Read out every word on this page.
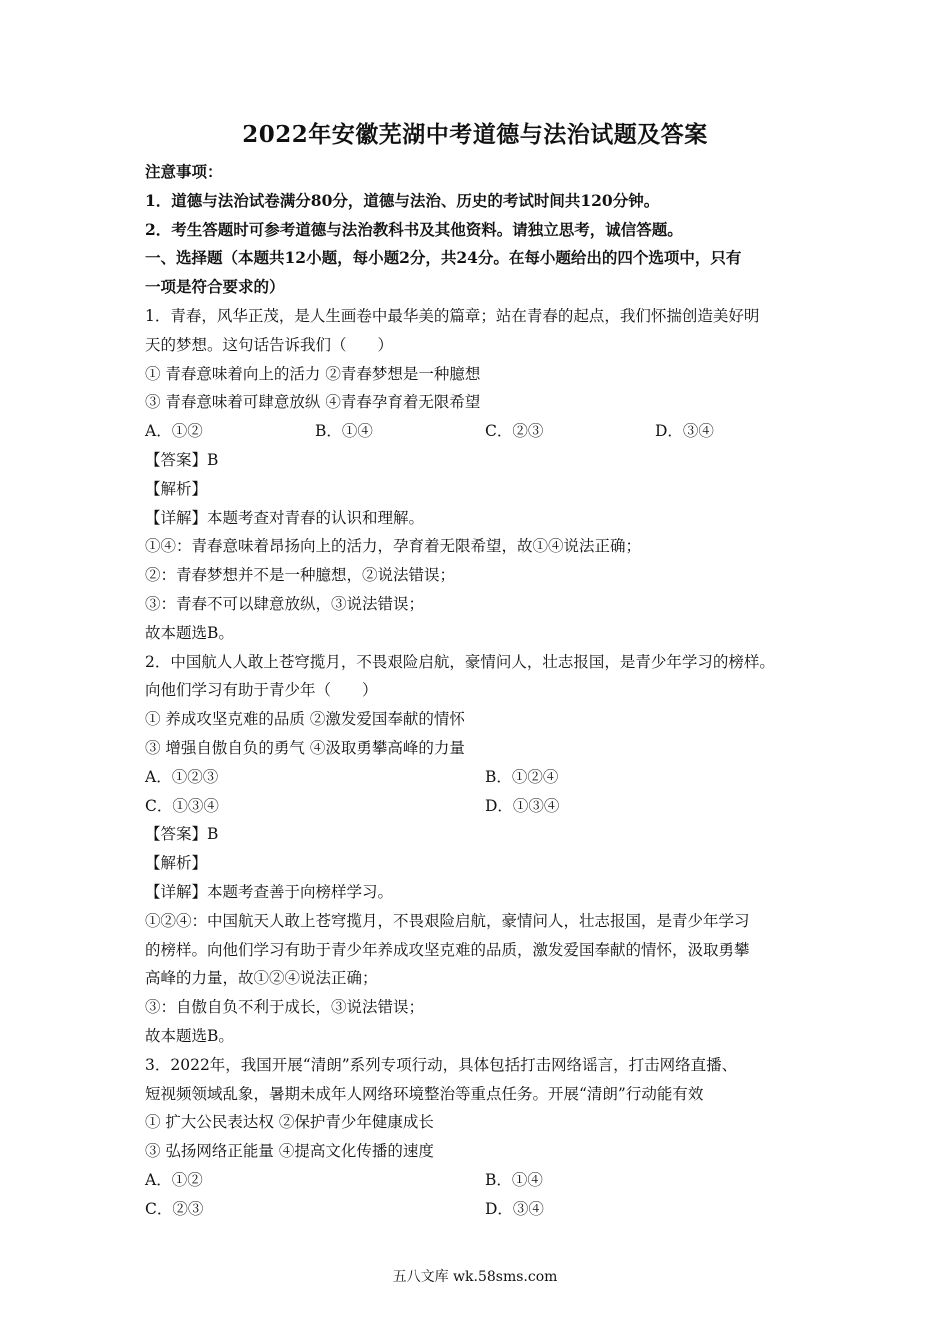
2022年安徽芜湖中考道德与法治试题及答案
注意事项：
1．道德与法治试卷满分80分，道德与法治、历史的考试时间共120分钟。
2．考生答题时可参考道德与法治教科书及其他资料。请独立思考，诚信答题。
一、选择题（本题共12小题，每小题2分，共24分。在每小题给出的四个选项中，只有
一项是符合要求的）
1．青春，风华正茂，是人生画卷中最华美的篇章；站在青春的起点，我们怀揣创造美好明
天的梦想。这句话告诉我们（　　）
① 青春意味着向上的活力 ②青春梦想是一种臆想
③ 青春意味着可肆意放纵 ④青春孕育着无限希望
A．①②	B．①④	C．②③	D．③④
【答案】B
【解析】
【详解】本题考查对青春的认识和理解。
①④：青春意味着昂扬向上的活力，孕育着无限希望，故①④说法正确；
②：青春梦想并不是一种臆想，②说法错误；
③：青春不可以肆意放纵，③说法错误；
故本题选B。
2．中国航人人敢上苍穹揽月，不畏艰险启航，豪情问人，壮志报国，是青少年学习的榜样。
向他们学习有助于青少年（　　）
① 养成攻坚克难的品质 ②激发爱国奉献的情怀
③ 增强自傲自负的勇气 ④汲取勇攀高峰的力量
A．①②③	B．①②④
C．①③④	D．①③④
【答案】B
【解析】
【详解】本题考查善于向榜样学习。
①②④：中国航天人敢上苍穹揽月，不畏艰险启航，豪情问人，壮志报国，是青少年学习
的榜样。向他们学习有助于青少年养成攻坚克难的品质，激发爱国奉献的情怀，汲取勇攀
高峰的力量，故①②④说法正确；
③：自傲自负不利于成长，③说法错误；
故本题选B。
3．2022年，我国开展“清朗”系列专项行动，具体包括打击网络谣言，打击网络直播、
短视频领域乱象，暑期未成年人网络环境整治等重点任务。开展“清朗”行动能有效
① 扩大公民表达权 ②保护青少年健康成长
③ 弘扬网络正能量 ④提高文化传播的速度
A．①②	B．①④
C．②③	D．③④
五八文库 wk.58sms.com
